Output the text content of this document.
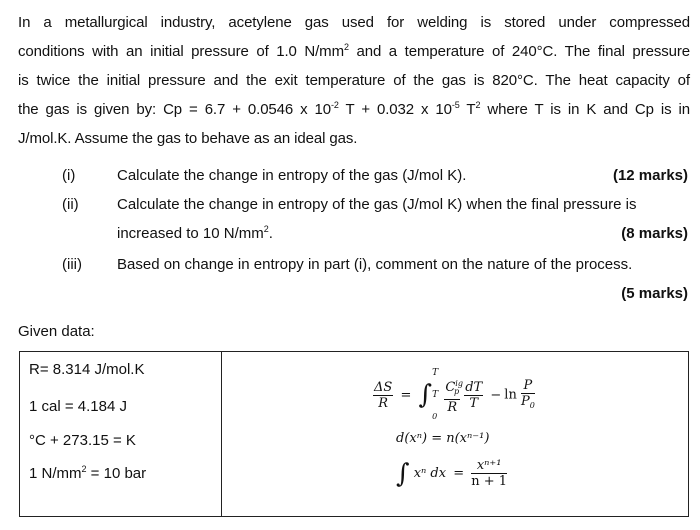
In a metallurgical industry, acetylene gas used for welding is stored under compressed
conditions with an initial pressure of 1.0 $N/mm^2$ and a temperature of 240°C. The final pressure
is twice the initial pressure and the exit temperature of the gas is 820°C. The heat capacity of
the gas is given by: Cp = 6.7 + 0.0546 x $10^{-2}$ T + 0.032 x $10^{-5}$ $T^2$ where T is in K and Cp is in
J/mol.K. Assume the gas to behave as an ideal gas.
(i)	Calculate the change in entropy of the gas (J/mol K).	(12 marks)
(ii)	Calculate the change in entropy of the gas (J/mol K) when the final pressure is
increased to 10 $N/mm^2$.	(8 marks)
(iii) Based on change in entropy in part (i), comment on the nature of the process.
(5 marks)
Given data:
R= 8.314 J/mol.K
1 cal = 4.184 J
°C + 273.15 = K
1 $N/mm^2 = 10$ bar
$\frac{\Delta S}{R}$ = ∫
T
T
0

$\frac{C^{ig}_p}{R}$
$\frac{dT}{T} - \ln \frac{P}{P_0}$
d(xⁿ) = n(xⁿ⁻¹)
∫ xⁿ dx = $\frac{\text{xⁿ⁺¹}}{n + 1}$
